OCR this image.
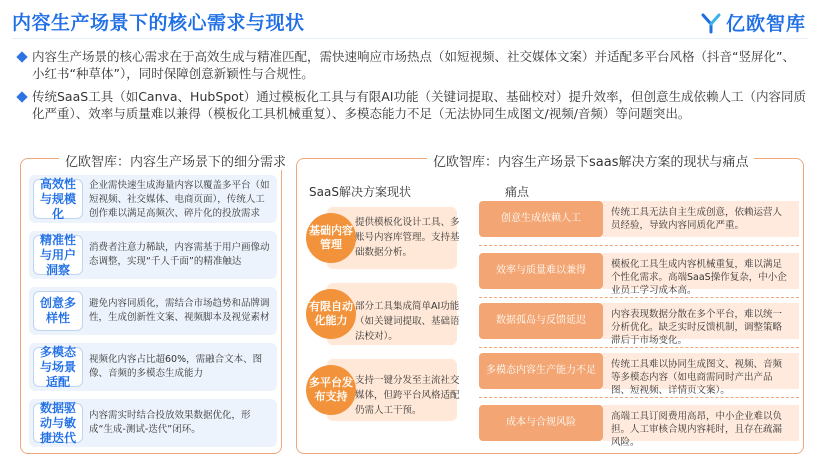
内容生产场景下的核心需求与现状	亿欧智库
内容生产场景的核心需求在于高效生成与精准匹配，需快速响应市场热点（如短视频、社交媒体文案）并适配多平台风格（抖音“竖屏化”、小红书“种草体”），同时保障创意新颖性与合规性。
传统SaaS工具（如Canva、HubSpot）通过模板化工具与有限AI功能（关键词提取、基础校对）提升效率，但创意生成依赖人工（内容同质化严重）、效率与质量难以兼得（模板化工具机械重复）、多模态能力不足（无法协同生成图文/视频/音频）等问题突出。
亿欧智库：内容生产场景下的细分需求
高效性与规模化
企业需快速生成海量内容以覆盖多平台（如短视频、社交媒体、电商页面），传统人工创作难以满足高频次、碎片化的投放需求
精准性与用户洞察
消费者注意力稀缺，内容需基于用户画像动态调整，实现“千人千面”的精准触达
创意多样性
避免内容同质化，需结合市场趋势和品牌调性，生成创新性文案、视频脚本及视觉素材
多模态与场景适配
视频化内容占比超60%，需融合文本、图像、音频的多模态生成能力
数据驱动与敏捷迭代
内容需实时结合投放效果数据优化，形成“生成-测试-迭代”闭环。
亿欧智库：内容生产场景下saas解决方案的现状与痛点
SaaS解决方案现状	痛点
基础内容管理
提供模板化设计工具、多账号内容库管理。支持基础数据分析。
有限自动化能力
部分工具集成简单AI功能（如关键词提取、基础语法校对）。
多平台发布支持
支持一键分发至主流社交媒体，但跨平台风格适配仍需人工干预。
创意生成依赖人工
传统工具无法自主生成创意，依赖运营人员经验，导致内容同质化严重。
效率与质量难以兼得
模板化工具生成内容机械重复，难以满足个性化需求。高端SaaS操作复杂，中小企业员工学习成本高。
数据孤岛与反馈延迟
内容表现数据分散在多个平台，难以统一分析优化。缺乏实时反馈机制，调整策略滞后于市场变化。
多模态内容生产能力不足
传统工具难以协同生成图文、视频、音频等多模态内容（如电商需同时产出产品图、短视频、详情页文案）。
成本与合规风险
高端工具订阅费用高昂，中小企业难以负担。人工审核合规内容耗时，且存在疏漏风险。
